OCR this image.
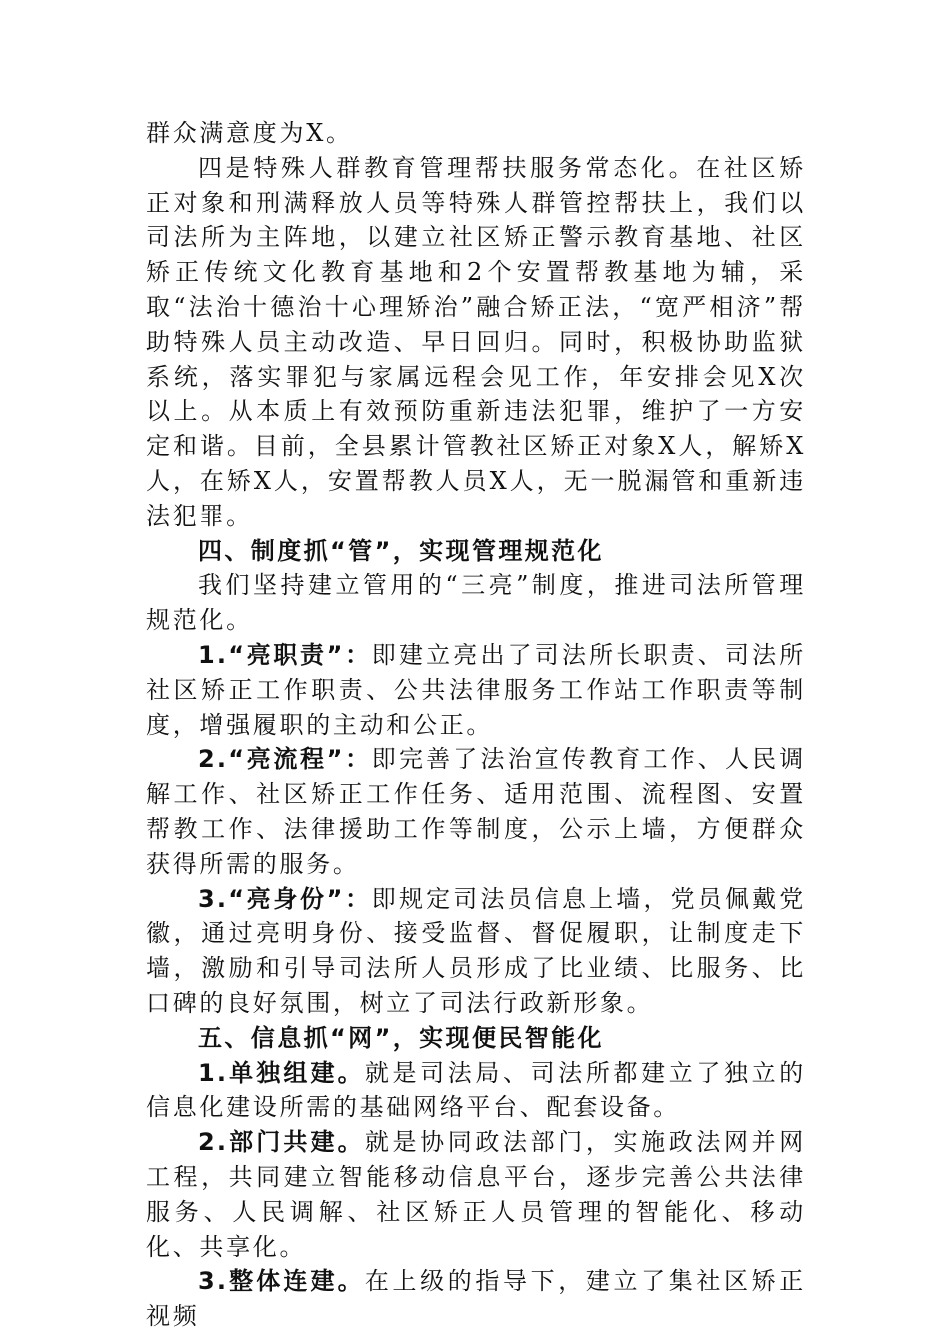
群众满意度为X。

四是特殊人群教育管理帮扶服务常态化。在社区矫正对象和刑满释放人员等特殊人群管控帮扶上，我们以司法所为主阵地，以建立社区矫正警示教育基地、社区矫正传统文化教育基地和2个安置帮教基地为辅，采取“法治十德治十心理矫治”融合矫正法，“宽严相济”帮助特殊人员主动改造、早日回归。同时，积极协助监狱系统，落实罪犯与家属远程会见工作，年安排会见X次以上。从本质上有效预防重新违法犯罪，维护了一方安定和谐。目前，全县累计管教社区矫正对象X人，解矫X人，在矫X人，安置帮教人员X人，无一脱漏管和重新违法犯罪。

四、制度抓“管”，实现管理规范化

我们坚持建立管用的“三亮”制度，推进司法所管理规范化。

1.“亮职责”：即建立亮出了司法所长职责、司法所社区矫正工作职责、公共法律服务工作站工作职责等制度，增强履职的主动和公正。

2.“亮流程”：即完善了法治宣传教育工作、人民调解工作、社区矫正工作任务、适用范围、流程图、安置帮教工作、法律援助工作等制度，公示上墙，方便群众获得所需的服务。

3.“亮身份”：即规定司法员信息上墙，党员佩戴党徽，通过亮明身份、接受监督、督促履职，让制度走下墙，激励和引导司法所人员形成了比业绩、比服务、比口碑的良好氛围，树立了司法行政新形象。

五、信息抓“网”，实现便民智能化

1.单独组建。就是司法局、司法所都建立了独立的信息化建设所需的基础网络平台、配套设备。

2.部门共建。就是协同政法部门，实施政法网并网工程，共同建立智能移动信息平台，逐步完善公共法律服务、人民调解、社区矫正人员管理的智能化、移动化、共享化。

3.整体连建。在上级的指导下，建立了集社区矫正视频
